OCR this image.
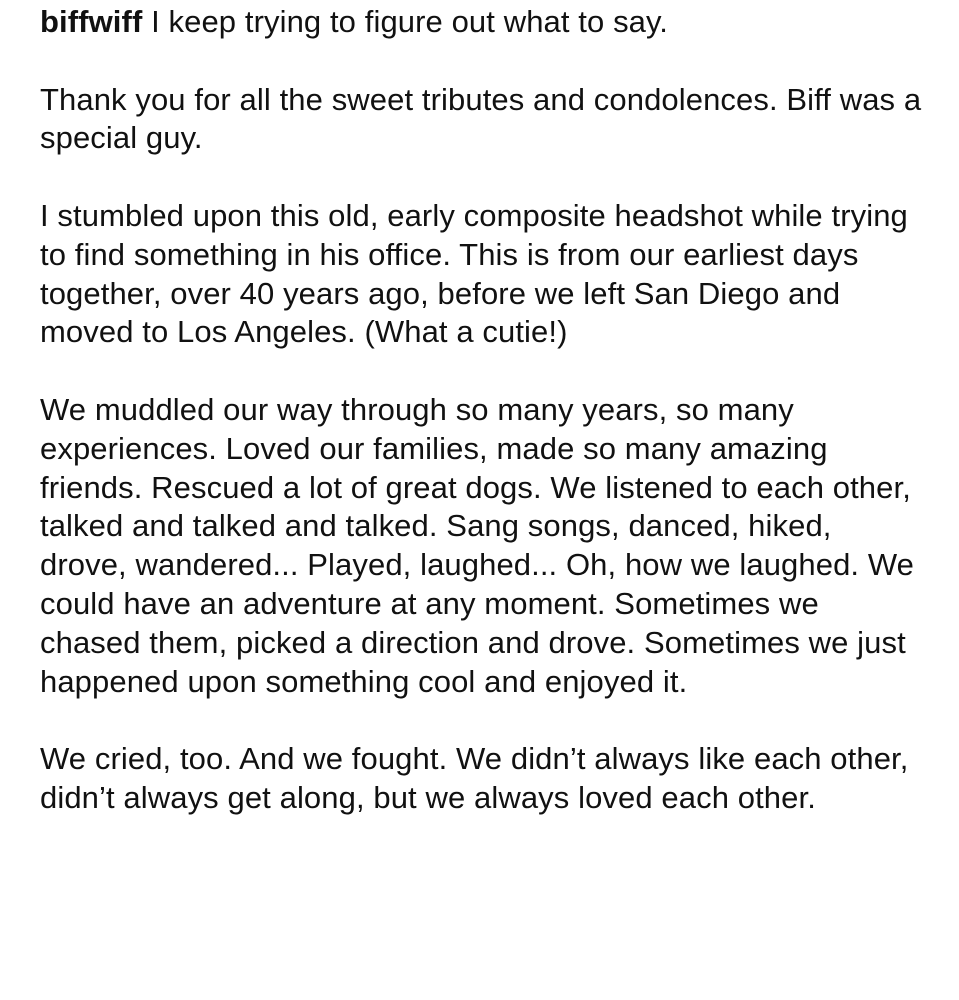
biffwiff I keep trying to figure out what to say.

Thank you for all the sweet tributes and condolences. Biff was a special guy.

I stumbled upon this old, early composite headshot while trying to find something in his office. This is from our earliest days together, over 40 years ago, before we left San Diego and moved to Los Angeles. (What a cutie!)

We muddled our way through so many years, so many experiences. Loved our families, made so many amazing friends. Rescued a lot of great dogs. We listened to each other, talked and talked and talked. Sang songs, danced, hiked, drove, wandered... Played, laughed... Oh, how we laughed. We could have an adventure at any moment. Sometimes we chased them, picked a direction and drove. Sometimes we just happened upon something cool and enjoyed it.

We cried, too. And we fought. We didn’t always like each other, didn’t always get along, but we always loved each other.
